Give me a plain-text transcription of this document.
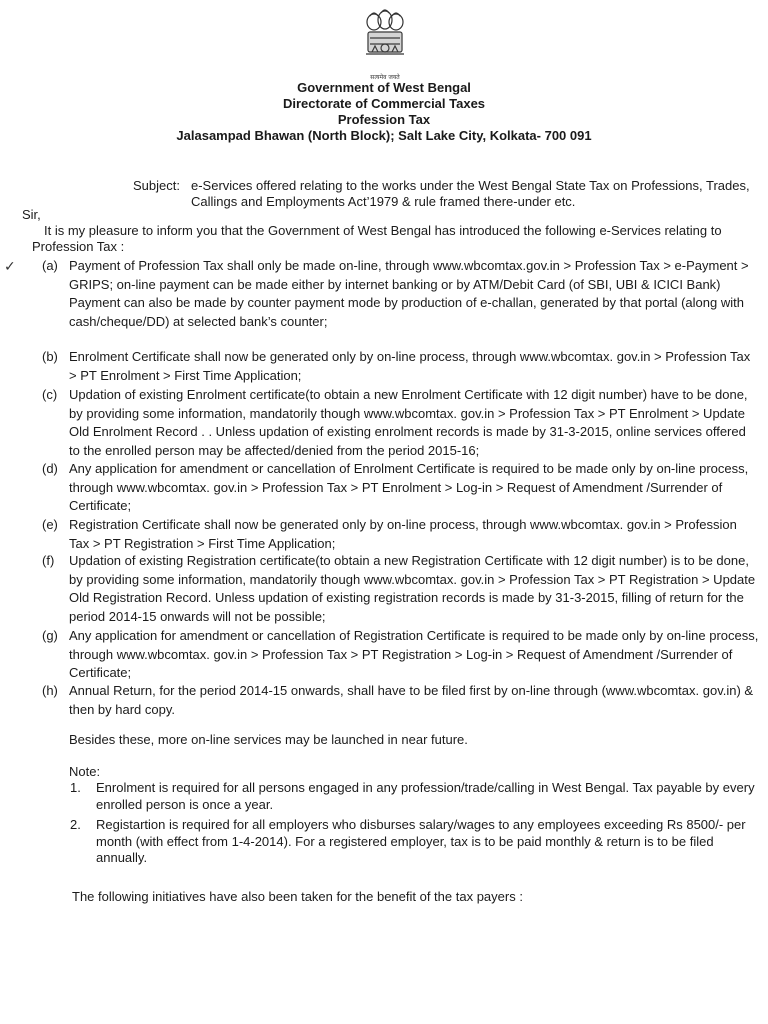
सत्यमेव जयते
Government of West Bengal
Directorate of Commercial Taxes
Profession Tax
Jalasampad Bhawan (North Block); Salt Lake City, Kolkata- 700 091
Subject: e-Services offered relating to the works under the West Bengal State Tax on Professions, Trades, Callings and Employments Act’1979 & rule framed there-under etc.
Sir,
It is my pleasure to inform you that the Government of West Bengal has introduced the following e-Services relating to Profession Tax :
✓ (a) Payment of Profession Tax shall only be made on-line, through www.wbcomtax.gov.in > Profession Tax > e-Payment > GRIPS; on-line payment can be made either by internet banking or by ATM/Debit Card (of SBI, UBI & ICICI Bank)
Payment can also be made by counter payment mode by production of e-challan, generated by that portal (along with cash/cheque/DD) at selected bank’s counter;
(b) Enrolment Certificate shall now be generated only by on-line process, through www.wbcomtax. gov.in > Profession Tax > PT Enrolment > First Time Application;
(c) Updation of existing Enrolment certificate(to obtain a new Enrolment Certificate with 12 digit number) have to be done, by providing some information, mandatorily though www.wbcomtax. gov.in > Profession Tax > PT Enrolment > Update Old Enrolment Record . . Unless updation of existing enrolment records is made by 31-3-2015, online services offered to the enrolled person may be affected/denied from the period 2015-16;
(d) Any application for amendment or cancellation of Enrolment Certificate is required to be made only by on-line process, through www.wbcomtax. gov.in > Profession Tax > PT Enrolment > Log-in > Request of Amendment /Surrender of Certificate;
(e) Registration Certificate shall now be generated only by on-line process, through www.wbcomtax. gov.in > Profession Tax > PT Registration > First Time Application;
(f)	Updation of existing Registration certificate(to obtain a new Registration Certificate with 12 digit number) is to be done, by providing some information, mandatorily though www.wbcomtax. gov.in > Profession Tax > PT Registration > Update Old Registration Record. Unless updation of existing registration records is made by 31-3-2015, filling of return for the period 2014-15 onwards will not be possible;
(g) Any application for amendment or cancellation of Registration Certificate is required to be made only by on-line process, through www.wbcomtax. gov.in > Profession Tax > PT Registration > Log-in > Request of Amendment /Surrender of Certificate;
(h) Annual Return, for the period 2014-15 onwards, shall have to be filed first by on-line through (www.wbcomtax. gov.in) & then by hard copy.
Besides these, more on-line services may be launched in near future.
Note:
1. Enrolment is required for all persons engaged in any profession/trade/calling in West Bengal. Tax payable by every enrolled person is once a year.
2. Registartion is required for all employers who disburses salary/wages to any employees exceeding Rs 8500/- per month (with effect from 1-4-2014). For a registered employer, tax is to be paid monthly & return is to be filed annually.
The following initiatives have also been taken for the benefit of the tax payers :
